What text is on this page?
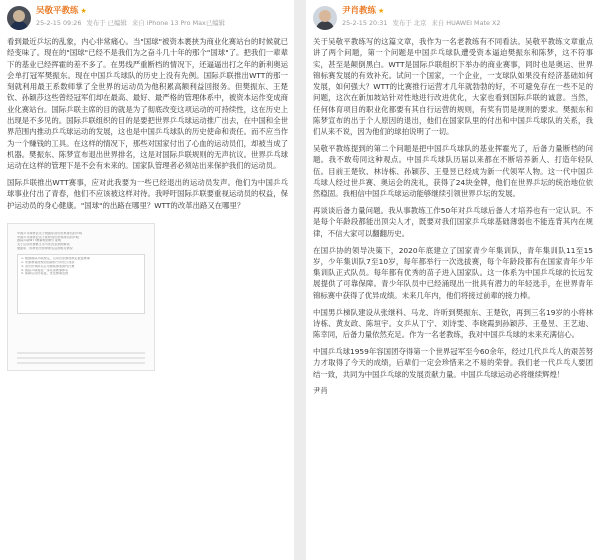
吴敬平教练 ★
25-2-15 09:26 发布于 已编辑 来自 iPhone 13 Pro Max已编辑

看到最近乒坛的乱象，内心非常痛心。当"国球"被资本裹挟为商业化赛站台的时候就已经变味了。现在的"国球"已经不是我们为之奋斗几十年的那个"国球"了。把我们一辈辈下的基业已经挥霍的差不多了。在男线严重断档的情况下，还逼逼出打之年的新利奥运会单打冠军樊振东。现在中国乒乓球队的历史上没有先例。国际乒联推出WTT的那一刻就利用最王系数师掌了全世界的运动员为他积累高额利益回报务。但樊振东、王楚钦、孙颖莎这些曾经冠军们却在最高、最好、最严格的管理体系中，被资本运作变成商业化赛站台。国际乒联主席的目的就是为了彻底改变这项运动的可持续性，这在历史上出现是不多见的。国际乒联组织的目的是要把世界乒乓球运动推广出去，在中国和全世界范围内推动乒乓球运动的发展，这也是中国乒乓球队的历史使命和责任。而不应当作为一个赚钱的工具。在这样的情况下，那些对国家付出了心血的运动员们，却被当成了机器。樊振东、陈梦宣布退出世界排名，这是对国际乒联规则的无声抗议。世界乒乓球运动在这样的管理下是不会有未来的。国家队管理者必须站出来保护我们的运动员。

国际乒联推出WTT赛事，应对此我要为一些已经退出的运动员发声。他们为中国乒乓球事业付出了青春，他们不应该被这样对待。我呼吁国际乒联要重视运动员的权益，保护运动员的身心健康。"国球"的出路在哪里？WTT的改革出路又在哪里？

中国乒乓球协会关于樊振东退出世界排名的声明
中国乒乓球协会关于陈梦退出世界排名的声明
国际乒联WTT赛事规则修订说明
关于运动员参赛义务与处罚条款的解读
樊振东、陈梦退出世界排名后的相关情况
1. 根据国际乒联规定，运动员需参加规定数量赛事
2. 未参赛将按规则扣除积分并处以罚款
3. 退出世界排名后可继续参加国内比赛
4. 国际乒联将进一步完善赛事体系
5. 保障运动员权益，优化赛事安排
尹肖教练 ★
25-2-15 20:31 发布于 北京 来自 HUAWEI Mate X2

关于吴敬平教练写的这篇文章，我作为一名老教练有不同看法。吴敬平教练文章重点讲了两个问题，第一个问题是中国乒乓球队遭受资本逼迫樊振东和陈梦，这不符事实，甚至是颠倒黑白。WTT是国际乒联组织下举办的商业赛事，同时也是奥运、世界锦标赛发展的有效补充。试问一个国家，一个企业，一支球队如果没有经济基础如何发展，如何强大？WTT的比赛推行运营才几年就勃勃的好，不可避免存在一些不足的问题，这次在新加坡站针对性地进行改进优化，大家也看到国际乒联的诚意。当然，任何体育项目的职业化都要有其自行运营的规则，有奖有罚是规则的要求。樊振东和陈梦宣布的出于个人原因的退出，他们在国家队里的付出和中国乒乓球队的关系，我们从来不说，因为他们的球拍说明了一切。

吴敬平教练提到的第二个问题是把中国乒乓球队的基业挥霍光了，后备力量断档的问题。我不敢苟同这种观点。中国乒乓球队历届以来都在不断培养新人、打造年轻队伍。目前王楚钦、林诗栋、孙颖莎、王曼昱已经成为新一代领军人物。这一代中国乒乓球人经过世乒赛、奥运会的洗礼，获得了24块金牌，他们在世界乒坛的统治地位依然稳固。我相信中国乒乓球运动能够继续引领世界乒坛的发展。

再谈谈后备力量问题。我从事教练工作50年对乒乓球后备人才培养也有一定认识。不是每个年龄段都能出顶尖人才，既要对我们国家乒乓球基础薄弱也不能连背其内在规律，不信大家可以翻翻历史。

在国乒协的领导决策下，2020年底建立了国家青少年集训队，青年集训队11至15岁，少年集训队7至10岁，每年都举行一次选拔赛，每个年龄段都有在国家青年少年集训队正式队员。每年都有优秀的苗子进入国家队。这一体系为中国乒乓球的长远发展提供了可靠保障。青少年队员中已经涌现出一批具有潜力的年轻选手，在世界青年锦标赛中获得了优异成绩。未来几年内，他们将接过前辈的接力棒。

中国男乒梯队建设从张继科、马龙、许昕到樊振东、王楚钦，再到三名19岁的小将林诗栋、黄友政、陈垣宇。女乒从丁宁、刘诗雯、李晓霞到孙颖莎、王曼昱、王艺迪、陈幸同，后备力量依然充足。作为一名老教练，我对中国乒乓球的未来充满信心。

中国乒乓球1959年容国团夺得第一个世界冠军至今60余年，经过几代乒乓人的艰苦努力才取得了今天的成绩，后辈们一定会珍惜来之不易的荣誉。我们老一代乒乓人要团结一致，共同为中国乒乓球的发展贡献力量。中国乒乓球运动必将继续辉煌！

尹肖
